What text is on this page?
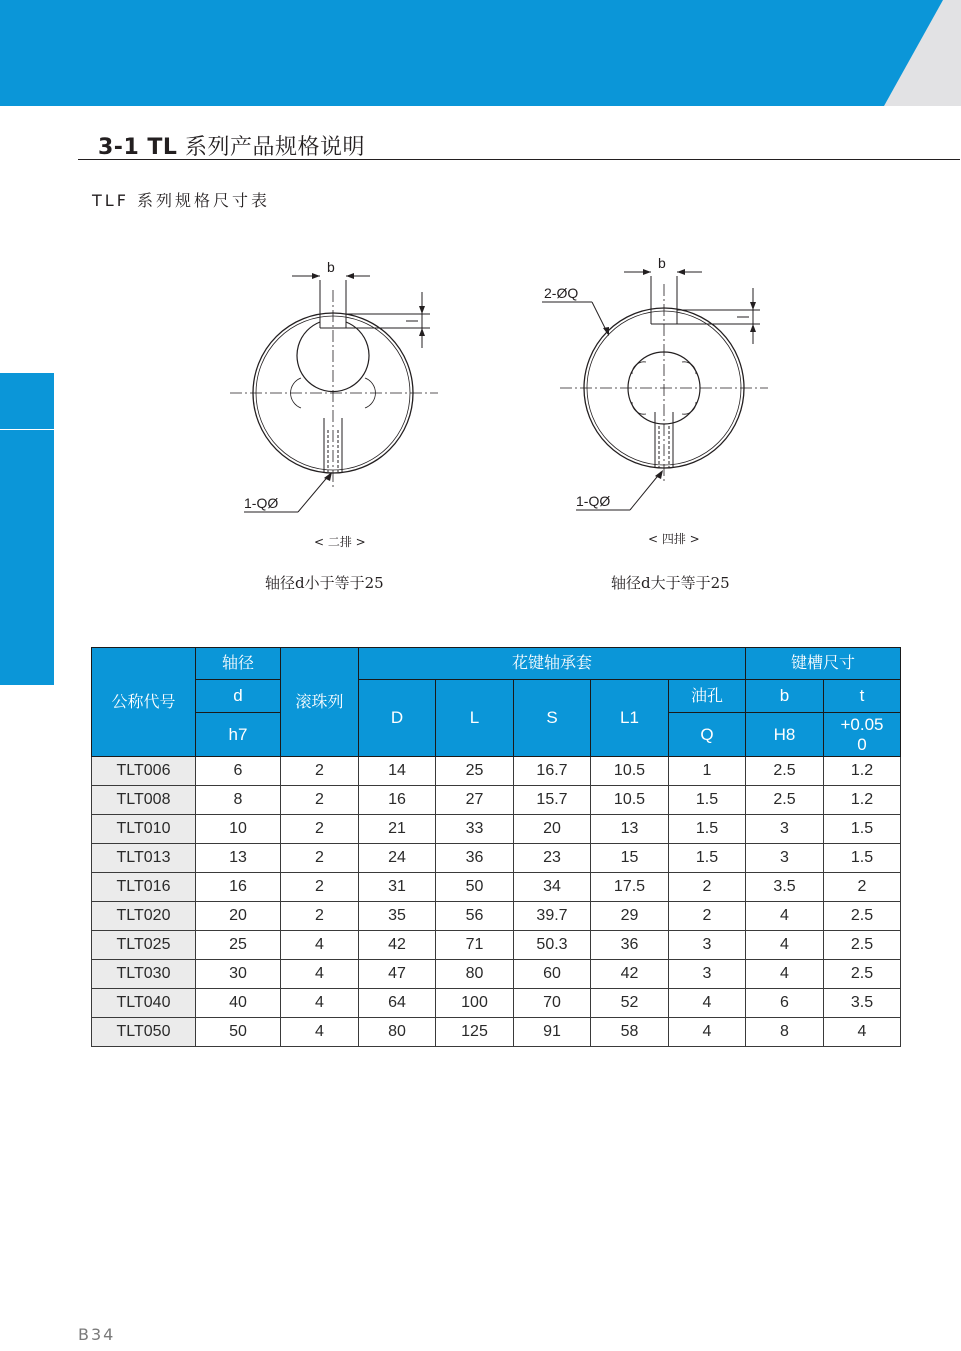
3-1 TL 系列产品规格说明
TLF 系列规格尺寸表
b
1-QØ
< 二排 >
b
2-ØQ
1-QØ
< 四排 >
轴径d小于等于25	轴径d大于等于25
公称代号	轴径	滚珠列	花键轴承套					键槽尺寸	
	d		D	L	S	L1	油孔	b	t
	h7						Q	H8	+0.05
0

TLT006	6	2	14	25	16.7	10.5	1	2.5	1.2
TLT008	8	2	16	27	15.7	10.5	1.5	2.5	1.2
TLT010	10	2	21	33	20	13	1.5	3	1.5
TLT013	13	2	24	36	23	15	1.5	3	1.5
TLT016	16	2	31	50	34	17.5	2	3.5	2
TLT020	20	2	35	56	39.7	29	2	4	2.5
TLT025	25	4	42	71	50.3	36	3	4	2.5
TLT030	30	4	47	80	60	42	3	4	2.5
TLT040	40	4	64	100	70	52	4	6	3.5
TLT050	50	4	80	125	91	58	4	8	4
B34
